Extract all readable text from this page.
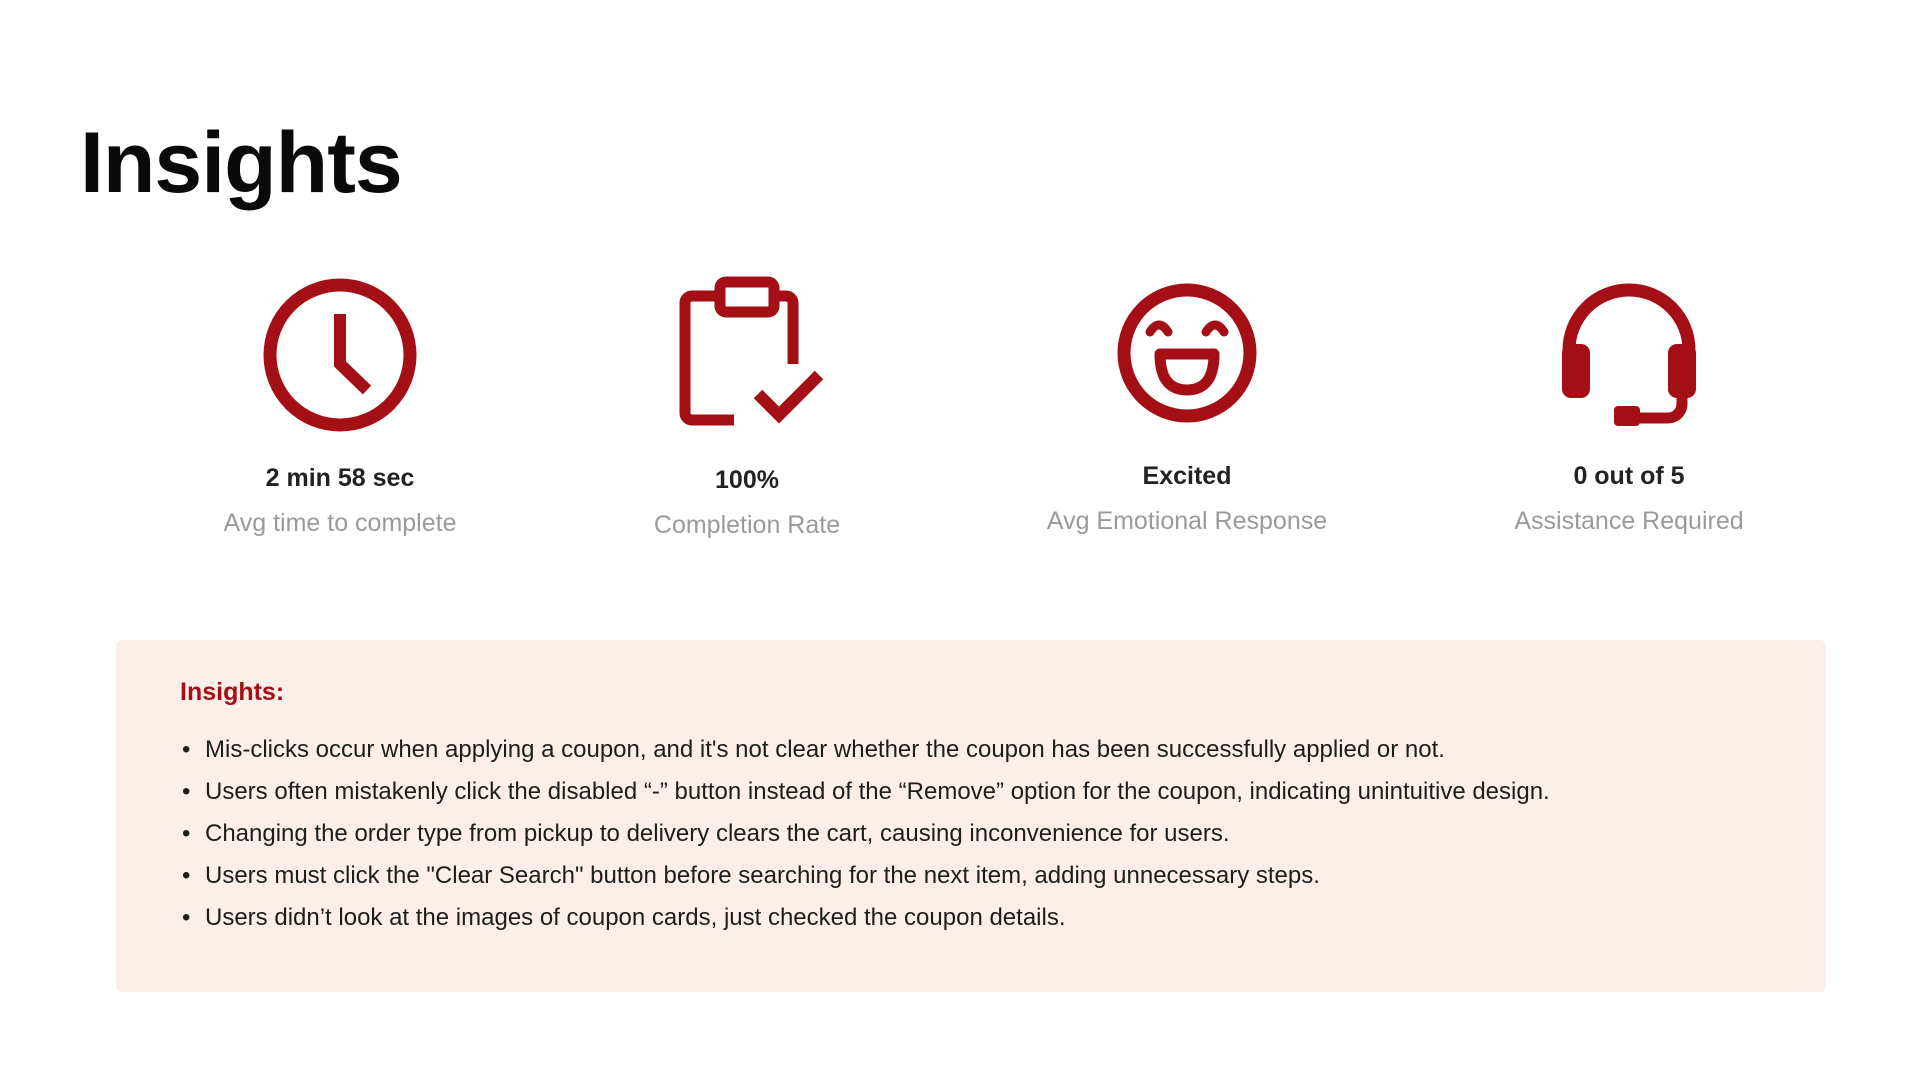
Insights
2 min 58 sec
Avg time to complete
100%
Completion Rate
Excited
Avg Emotional Response
0 out of 5
Assistance Required
Insights:
• Mis-clicks occur when applying a coupon, and it's not clear whether the coupon has been successfully applied or not.
• Users often mistakenly click the disabled “-” button instead of the “Remove” option for the coupon, indicating unintuitive design.
• Changing the order type from pickup to delivery clears the cart, causing inconvenience for users.
• Users must click the "Clear Search" button before searching for the next item, adding unnecessary steps.
• Users didn’t look at the images of coupon cards, just checked the coupon details.
